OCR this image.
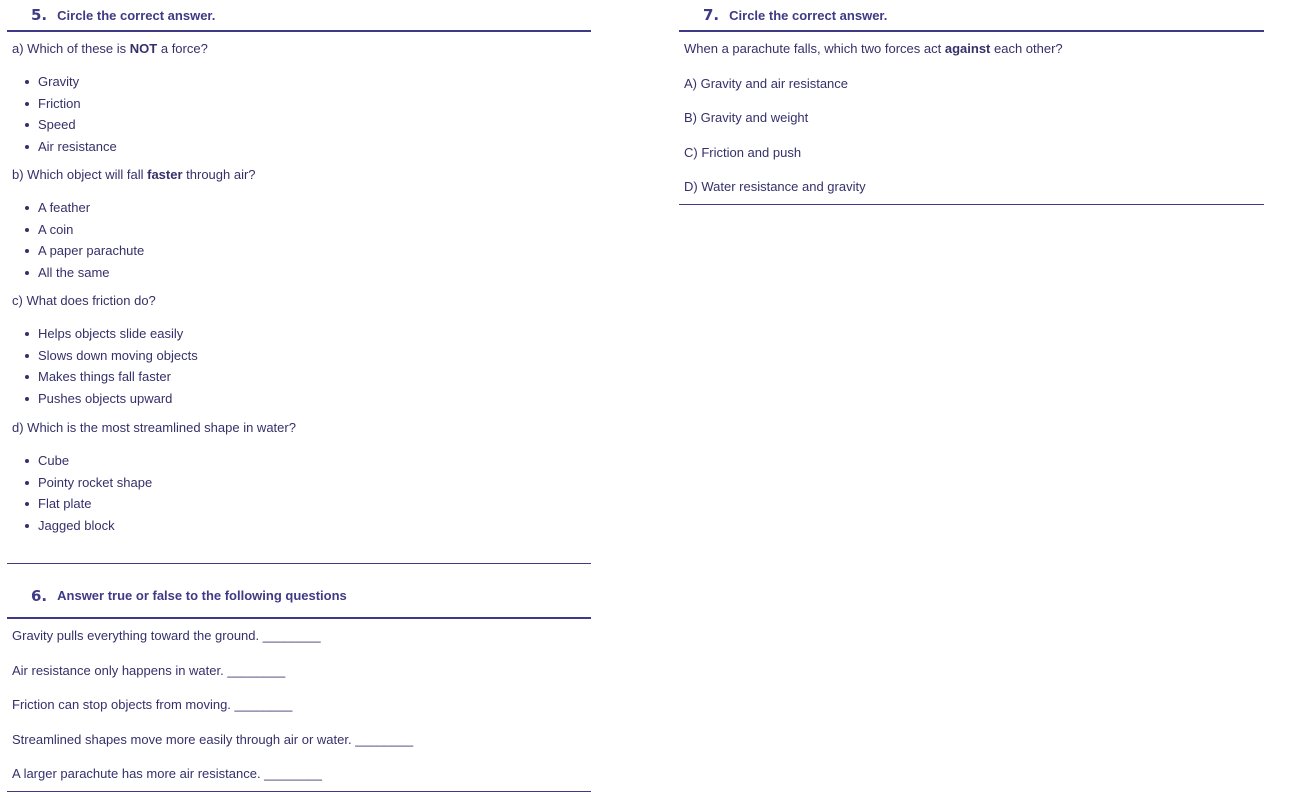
5. Circle the correct answer.
a) Which of these is NOT a force?
Gravity
Friction
Speed
Air resistance
b) Which object will fall faster through air?
A feather
A coin
A paper parachute
All the same
c) What does friction do?
Helps objects slide easily
Slows down moving objects
Makes things fall faster
Pushes objects upward
d) Which is the most streamlined shape in water?
Cube
Pointy rocket shape
Flat plate
Jagged block
6. Answer true or false to the following questions
Gravity pulls everything toward the ground. ________
Air resistance only happens in water. ________
Friction can stop objects from moving. ________
Streamlined shapes move more easily through air or water. ________
A larger parachute has more air resistance. ________
7. Circle the correct answer.
When a parachute falls, which two forces act against each other?
A) Gravity and air resistance
B) Gravity and weight
C) Friction and push
D) Water resistance and gravity
